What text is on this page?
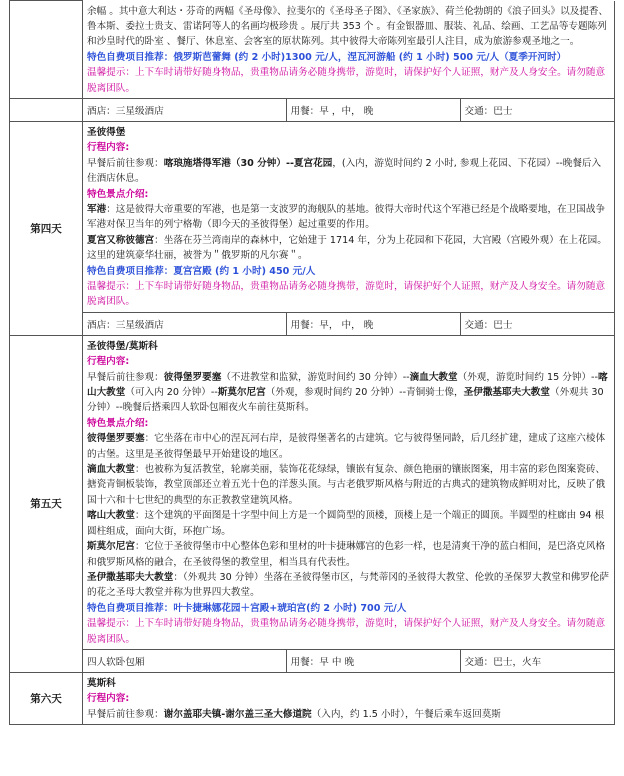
余幅 。其中意大利达・芬奇的两幅《圣母像》、拉斐尔的《圣母圣子图》、《圣家族》、荷兰伦勃朗的《浪子回头》以及提香、鲁本斯、委拉士贵支、雷诺阿等人的名画均极珍贵 。展厅共 353 个 。有金银器皿、服装、礼品、绘画、工艺品等专题陈列和沙皇时代的卧室 、餐厅、休息室、会客室的原状陈列。其中彼得大帝陈列室最引人注目，成为旅游参观圣地之一。
特色自费项目推荐：俄罗斯芭蕾舞 (约 2 小时)1300 元/人，涅瓦河游船 (约 1 小时) 500 元/人（夏季开河时）
温馨提示：上下车时请带好随身物品，贵重物品请务必随身携带，游览时，请保护好个人证照，财产及人身安全。请勿随意脱离团队。

酒店：三星级酒店	用餐：早 ，中， 晚	交通：巴士

第四天	
圣彼得堡
行程内容:
早餐后前往参观：喀琅施塔得军港（30 分钟）--夏宫花园，(入内，游览时间约 2 小时, 参观上花园、下花园）--晚餐后入住酒店休息。
特色景点介绍:
军港：这是彼得大帝重要的军港，也是第一支波罗的海舰队的基地。彼得大帝时代这个军港已经是个战略要地，在卫国战争军港对保卫当年的列宁格勒（即今天的圣彼得堡）起过重要的作用。
夏宫又称彼德宫：坐落在芬兰湾南岸的森林中，它始建于 1714 年，分为上花园和下花园，大宫殿（宫殿外观）在上花园。这里的建筑豪华壮丽，被誉为＂俄罗斯的凡尔赛＂。
特色自费项目推荐：夏宫宫殿 (约 1 小时) 450 元/人
温馨提示：上下车时请带好随身物品，贵重物品请务必随身携带，游览时，请保护好个人证照，财产及人身安全。请勿随意脱离团队。

酒店：三星级酒店	用餐：早， 中， 晚	交通：巴士

第五天	
圣彼得堡/莫斯科
行程内容:
早餐后前往参观：彼得堡罗要塞（不进教堂和监狱，游览时间约 30 分钟）--滴血大教堂（外观，游览时间约 15 分钟）--喀山大教堂（可入内 20 分钟）--斯莫尔尼宫（外观，参观时间约 20 分钟）--青铜骑士像，圣伊撒基耶夫大教堂（外观共 30 分钟）--晚餐后搭乘四人软卧包厢夜火车前往莫斯科。
特色景点介绍:
彼得堡罗要塞：它坐落在市中心的涅瓦河右岸，是彼得堡著名的古建筑。它与彼得堡同龄，后几经扩建，建成了这座六棱体的古堡。这里是圣彼得堡最早开始建设的地区。
滴血大教堂：也被称为复活教堂，轮廓美丽，装饰花花绿绿，镶嵌有复杂、颜色艳丽的镶嵌图案，用丰富的彩色图案瓷砖、搪瓷青铜板装饰，教堂顶部还立着五光十色的洋葱头顶。与古老俄罗斯风格与附近的古典式的建筑物成鲜明对比，反映了俄国十六和十七世纪的典型的东正教教堂建筑风格。
喀山大教堂：这个建筑的平面图是十字型中间上方是一个圆筒型的顶楼，顶楼上是一个端正的圆顶。半圆型的柱廊由 94 根圆柱组成，面向大街，环抱广场。
斯莫尔尼宫：它位于圣彼得堡市中心整体色彩和里材的叶卡捷琳娜宫的色彩一样，也是清爽干净的蓝白相间，是巴洛克风格和俄罗斯风格的融合，在圣彼得堡的教堂里，相当具有代表性。
圣伊撒基耶夫大教堂：（外观共 30 分钟）坐落在圣彼得堡市区，与梵蒂冈的圣彼得大教堂、伦敦的圣保罗大教堂和佛罗伦萨的花之圣母大教堂并称为世界四大教堂。
特色自费项目推荐：叶卡捷琳娜花园＋宫殿+琥珀宫(约 2 小时) 700 元/人
温馨提示：上下车时请带好随身物品，贵重物品请务必随身携带，游览时，请保护好个人证照，财产及人身安全。请勿随意脱离团队。

四人软卧包厢	用餐：早 中 晚	交通：巴士，火车

第六天	
莫斯科
行程内容:
早餐后前往参观：谢尔盖耶夫镇-谢尔盖三圣大修道院（入内，约 1.5 小时），午餐后乘车返回莫斯
